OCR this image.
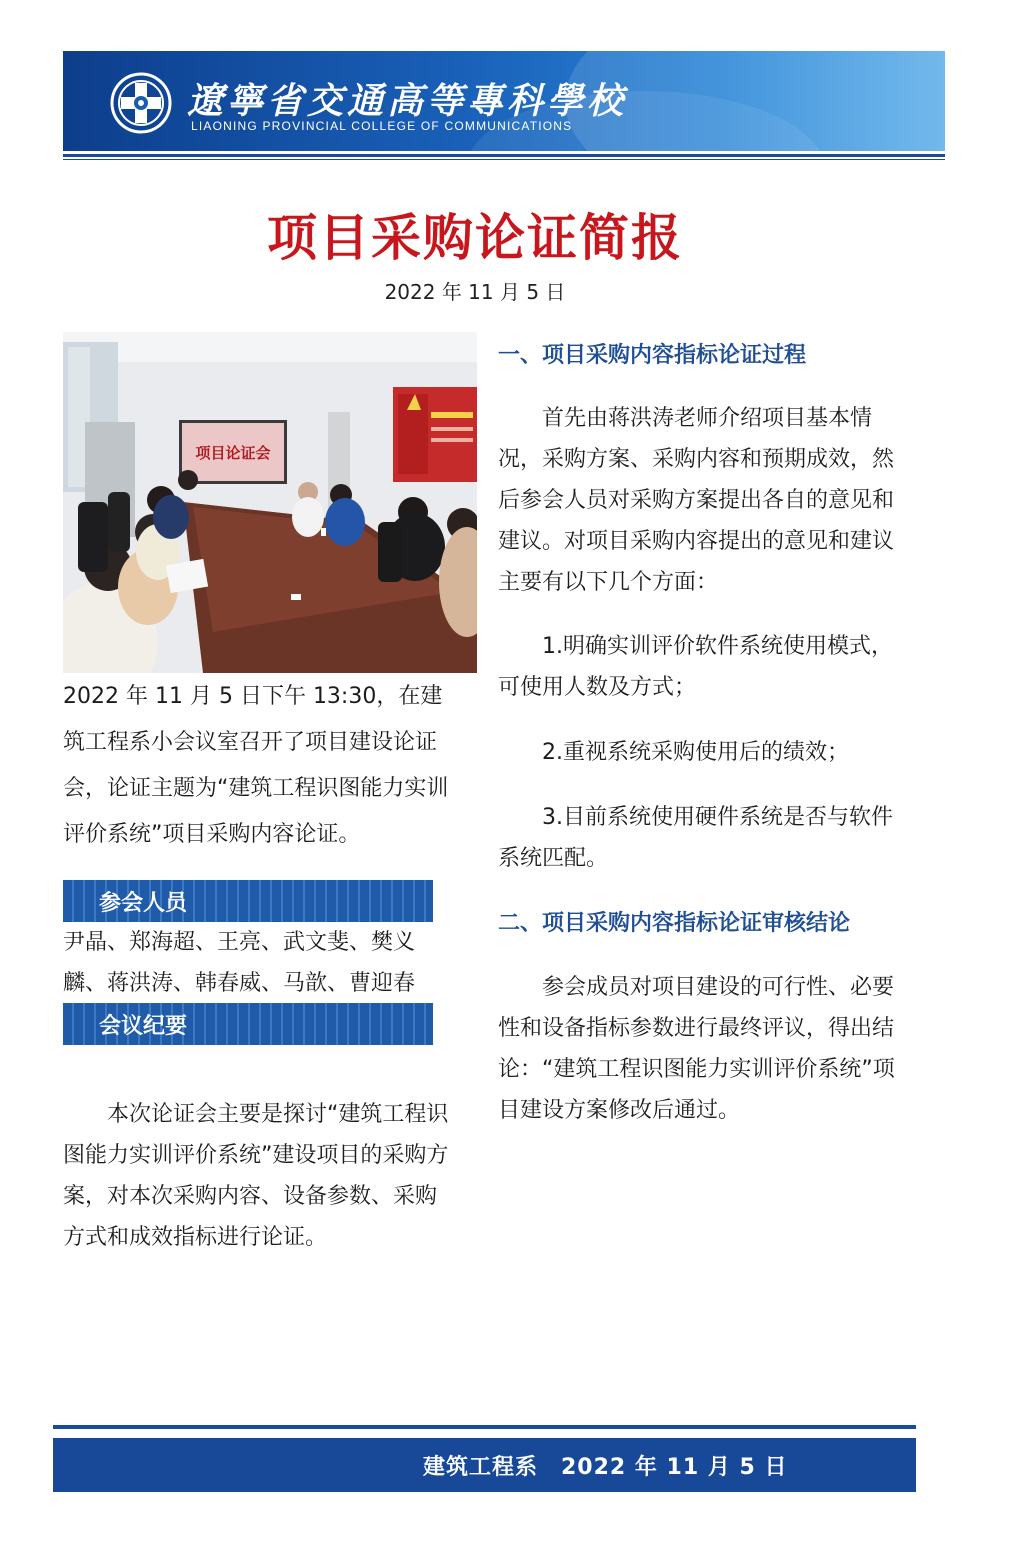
遼寧省交通高等專科學校
LIAONING PROVINCIAL COLLEGE OF COMMUNICATIONS
项目采购论证简报
2022 年 11 月 5 日
项目论证会
2022 年 11 月 5 日下午 13:30，在建筑工程系小会议室召开了项目建设论证会，论证主题为“建筑工程识图能力实训评价系统”项目采购内容论证。
参会人员
尹晶、郑海超、王亮、武文斐、樊义麟、蒋洪涛、韩春威、马歆、曹迎春
会议纪要
本次论证会主要是探讨“建筑工程识图能力实训评价系统”建设项目的采购方案，对本次采购内容、设备参数、采购方式和成效指标进行论证。
一、项目采购内容指标论证过程
首先由蒋洪涛老师介绍项目基本情况，采购方案、采购内容和预期成效，然后参会人员对采购方案提出各自的意见和建议。对项目采购内容提出的意见和建议主要有以下几个方面：
1.明确实训评价软件系统使用模式，可使用人数及方式；
2.重视系统采购使用后的绩效；
3.目前系统使用硬件系统是否与软件系统匹配。
二、项目采购内容指标论证审核结论
参会成员对项目建设的可行性、必要性和设备指标参数进行最终评议，得出结论：“建筑工程识图能力实训评价系统”项目建设方案修改后通过。
建筑工程系　2022 年 11 月 5 日
